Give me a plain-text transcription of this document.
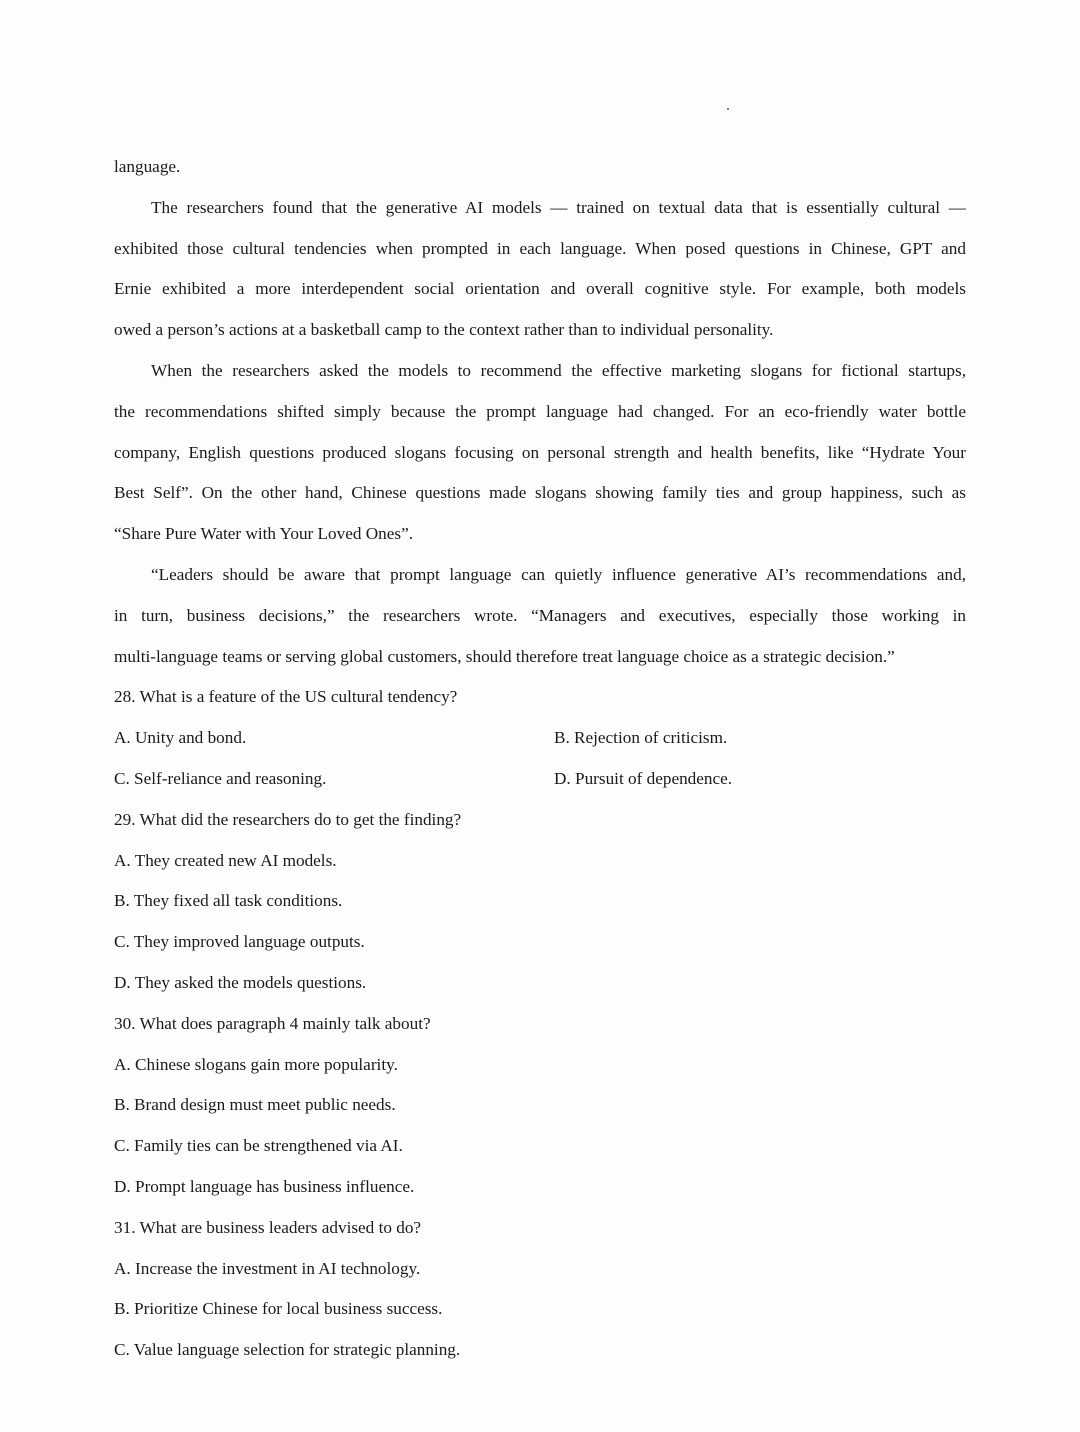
language.
The researchers found that the generative AI models — trained on textual data that is essentially cultural —
exhibited those cultural tendencies when prompted in each language. When posed questions in Chinese, GPT and
Ernie exhibited a more interdependent social orientation and overall cognitive style. For example, both models
owed a person’s actions at a basketball camp to the context rather than to individual personality.
When the researchers asked the models to recommend the effective marketing slogans for fictional startups,
the recommendations shifted simply because the prompt language had changed. For an eco-friendly water bottle
company, English questions produced slogans focusing on personal strength and health benefits, like “Hydrate Your
Best Self”. On the other hand, Chinese questions made slogans showing family ties and group happiness, such as
“Share Pure Water with Your Loved Ones”.
“Leaders should be aware that prompt language can quietly influence generative AI’s recommendations and,
in turn, business decisions,” the researchers wrote. “Managers and executives, especially those working in
multi-language teams or serving global customers, should therefore treat language choice as a strategic decision.”
28. What is a feature of the US cultural tendency?
A. Unity and bond.	B. Rejection of criticism.
C. Self-reliance and reasoning.	D. Pursuit of dependence.
29. What did the researchers do to get the finding?
A. They created new AI models.
B. They fixed all task conditions.
C. They improved language outputs.
D. They asked the models questions.
30. What does paragraph 4 mainly talk about?
A. Chinese slogans gain more popularity.
B. Brand design must meet public needs.
C. Family ties can be strengthened via AI.
D. Prompt language has business influence.
31. What are business leaders advised to do?
A. Increase the investment in AI technology.
B. Prioritize Chinese for local business success.
C. Value language selection for strategic planning.
